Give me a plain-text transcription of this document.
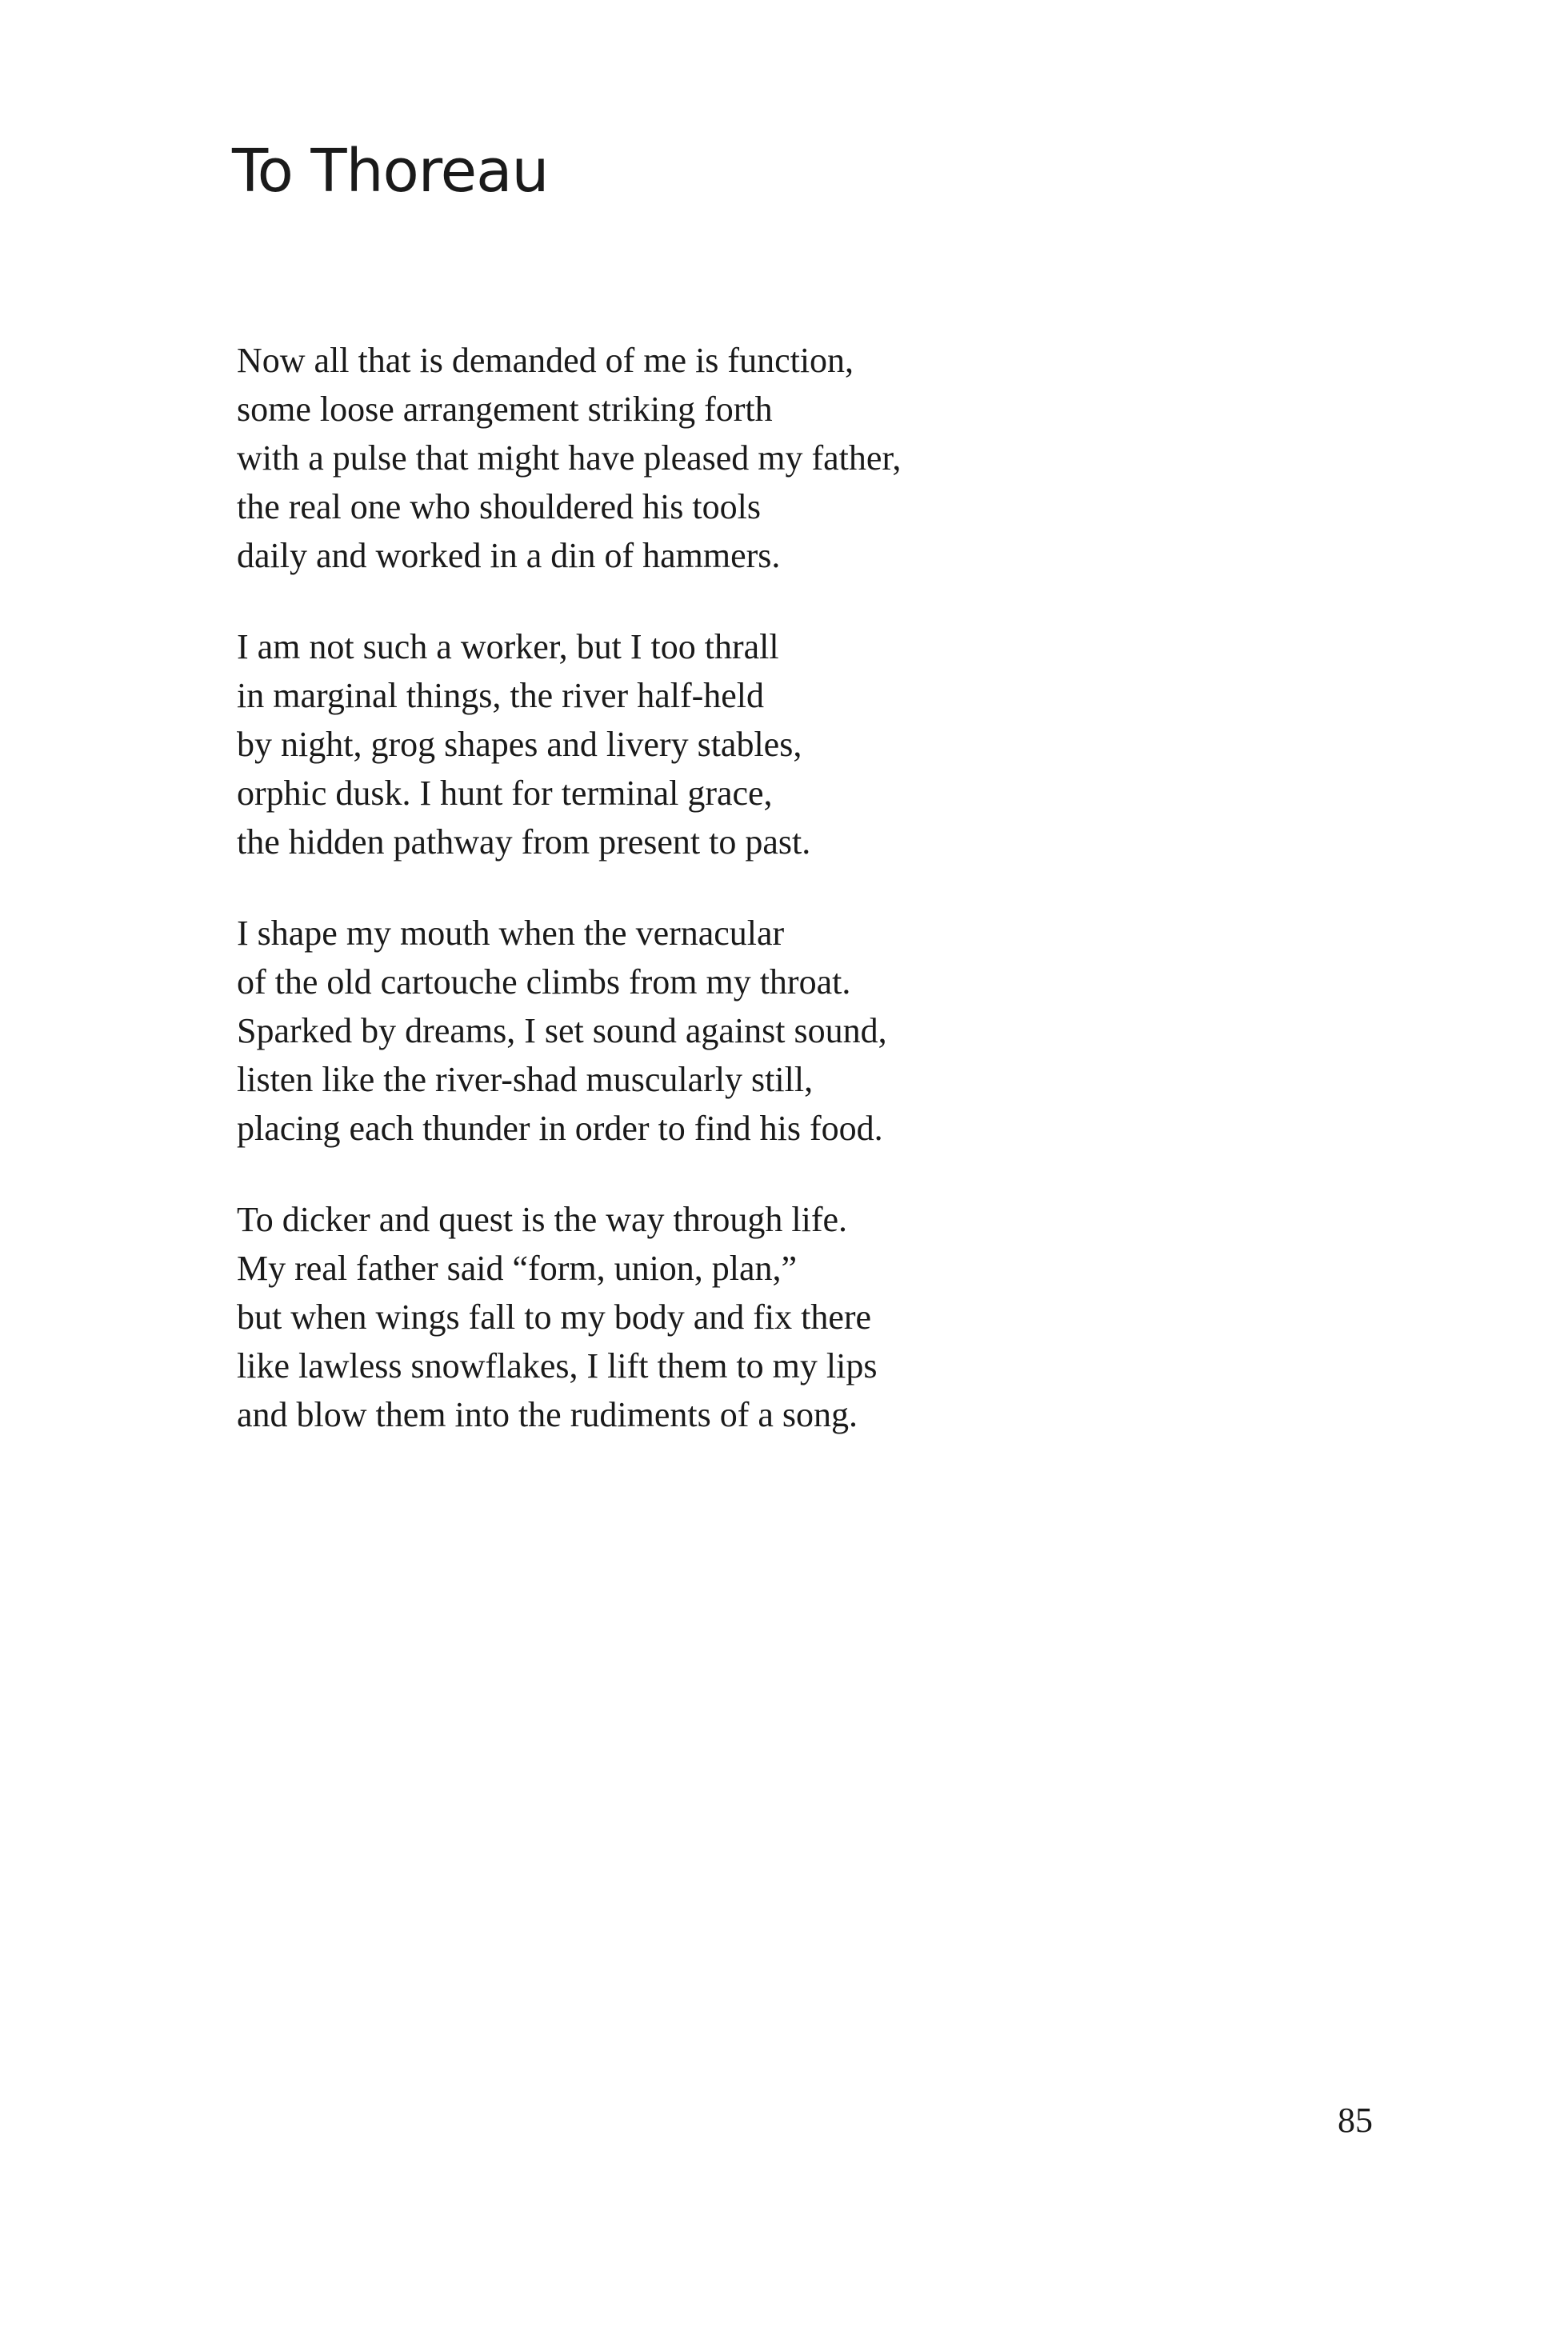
To Thoreau
Now all that is demanded of me is function,
some loose arrangement striking forth
with a pulse that might have pleased my father,
the real one who shouldered his tools
daily and worked in a din of hammers.
I am not such a worker, but I too thrall
in marginal things, the river half-held
by night, grog shapes and livery stables,
orphic dusk. I hunt for terminal grace,
the hidden pathway from present to past.
I shape my mouth when the vernacular
of the old cartouche climbs from my throat.
Sparked by dreams, I set sound against sound,
listen like the river-shad muscularly still,
placing each thunder in order to find his food.
To dicker and quest is the way through life.
My real father said “form, union, plan,”
but when wings fall to my body and fix there
like lawless snowflakes, I lift them to my lips
and blow them into the rudiments of a song.
85
